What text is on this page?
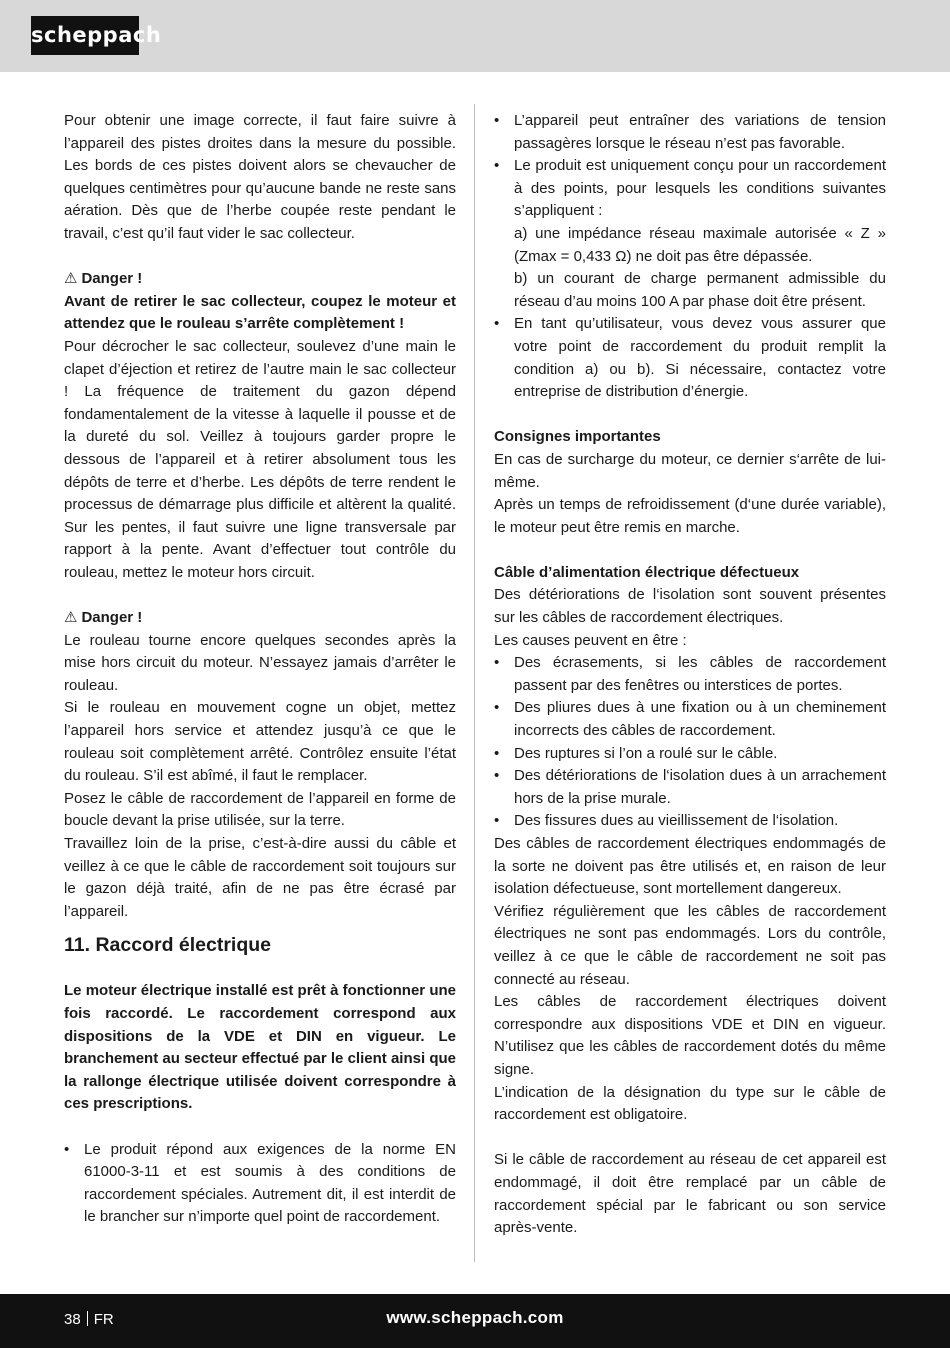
scheppach

Pour obtenir une image correcte, il faut faire suivre à l’appareil des pistes droites dans la mesure du possible. Les bords de ces pistes doivent alors se chevaucher de quelques centimètres pour qu’aucune bande ne reste sans aération. Dès que de l’herbe coupée reste pendant le travail, c’est qu’il faut vider le sac collecteur.

⚠ Danger !

Avant de retirer le sac collecteur, coupez le moteur et attendez que le rouleau s’arrête complètement !

Pour décrocher le sac collecteur, soulevez d’une main le clapet d’éjection et retirez de l’autre main le sac collecteur ! La fréquence de traitement du gazon dépend fondamentalement de la vitesse à laquelle il pousse et de la dureté du sol. Veillez à toujours garder propre le dessous de l’appareil et à retirer absolument tous les dépôts de terre et d’herbe. Les dépôts de terre rendent le processus de démarrage plus difficile et altèrent la qualité. Sur les pentes, il faut suivre une ligne transversale par rapport à la pente. Avant d’effectuer tout contrôle du rouleau, mettez le moteur hors circuit.

⚠ Danger !

Le rouleau tourne encore quelques secondes après la mise hors circuit du moteur. N’essayez jamais d’arrêter le rouleau.

Si le rouleau en mouvement cogne un objet, mettez l’appareil hors service et attendez jusqu’à ce que le rouleau soit complètement arrêté. Contrôlez ensuite l’état du rouleau. S’il est abîmé, il faut le remplacer.

Posez le câble de raccordement de l’appareil en forme de boucle devant la prise utilisée, sur la terre.

Travaillez loin de la prise, c’est-à-dire aussi du câble et veillez à ce que le câble de raccordement soit toujours sur le gazon déjà traité, afin de ne pas être écrasé par l’appareil.

11. Raccord électrique

Le moteur électrique installé est prêt à fonctionner une fois raccordé. Le raccordement correspond aux dispositions de la VDE et DIN en vigueur. Le branchement au secteur effectué par le client ainsi que la rallonge électrique utilisée doivent correspondre à ces prescriptions.

• Le produit répond aux exigences de la norme EN 61000-3-11 et est soumis à des conditions de raccordement spéciales. Autrement dit, il est interdit de le brancher sur n’importe quel point de raccordement.

• L’appareil peut entraîner des variations de tension passagères lorsque le réseau n’est pas favorable.

• Le produit est uniquement conçu pour un raccordement à des points, pour lesquels les conditions suivantes s’appliquent :

a) une impédance réseau maximale autorisée « Z » (Zmax = 0,433 Ω) ne doit pas être dépassée.

b) un courant de charge permanent admissible du réseau d’au moins 100 A par phase doit être présent.

• En tant qu’utilisateur, vous devez vous assurer que votre point de raccordement du produit remplit la condition a) ou b). Si nécessaire, contactez votre entreprise de distribution d’énergie.

Consignes importantes

En cas de surcharge du moteur, ce dernier s‘arrête de lui-même.

Après un temps de refroidissement (d‘une durée variable), le moteur peut être remis en marche.

Câble d’alimentation électrique défectueux

Des détériorations de l‘isolation sont souvent présentes sur les câbles de raccordement électriques.

Les causes peuvent en être :

• Des écrasements, si les câbles de raccordement passent par des fenêtres ou interstices de portes.

• Des pliures dues à une fixation ou à un cheminement incorrects des câbles de raccordement.

• Des ruptures si l’on a roulé sur le câble.

• Des détériorations de l‘isolation dues à un arrachement hors de la prise murale.

• Des fissures dues au vieillissement de l‘isolation.

Des câbles de raccordement électriques endommagés de la sorte ne doivent pas être utilisés et, en raison de leur isolation défectueuse, sont mortellement dangereux.

Vérifiez régulièrement que les câbles de raccordement électriques ne sont pas endommagés. Lors du contrôle, veillez à ce que le câble de raccordement ne soit pas connecté au réseau.

Les câbles de raccordement électriques doivent correspondre aux dispositions VDE et DIN en vigueur. N’utilisez que les câbles de raccordement dotés du même signe.

L’indication de la désignation du type sur le câble de raccordement est obligatoire.

Si le câble de raccordement au réseau de cet appareil est endommagé, il doit être remplacé par un câble de raccordement spécial par le fabricant ou son service après-vente.

38 FR	www.scheppach.com
